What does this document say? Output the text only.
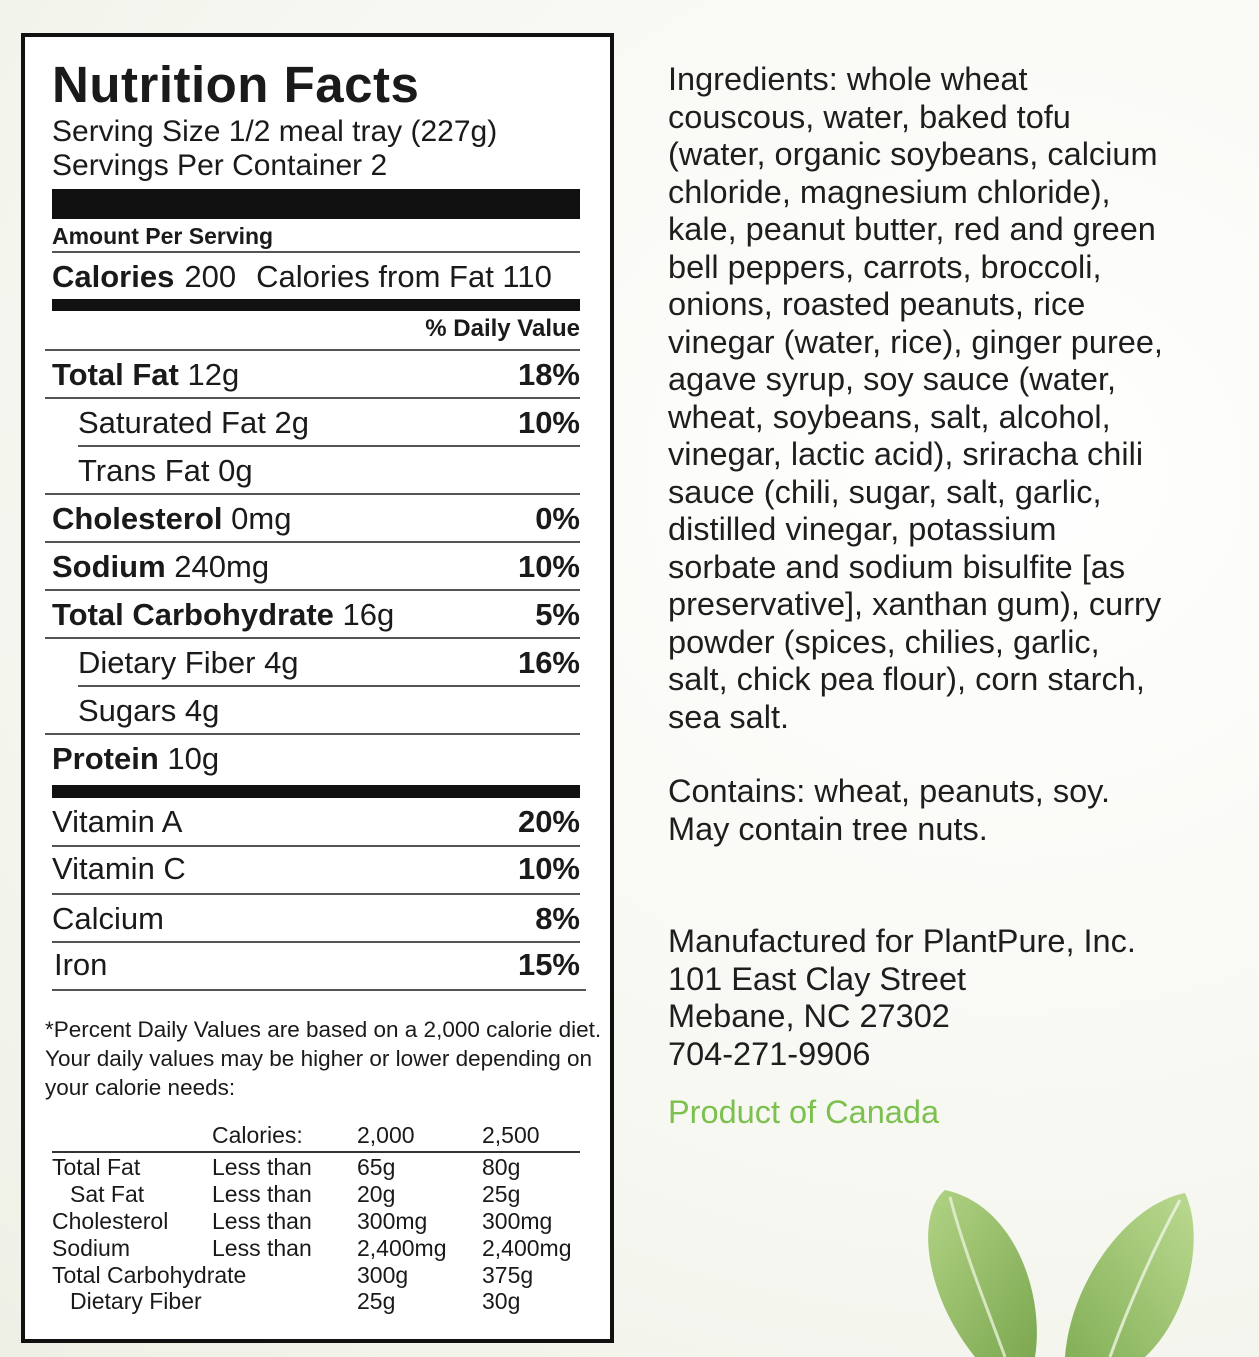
Nutrition Facts
Serving Size 1/2 meal tray (227g)
Servings Per Container 2
Amount Per Serving
Calories 200 Calories from Fat 110
% Daily Value
Total Fat 12g	18%
Saturated Fat 2g	10%
Trans Fat 0g
Cholesterol 0mg	0%
Sodium 240mg	10%
Total Carbohydrate 16g	5%
Dietary Fiber 4g	16%
Sugars 4g
Protein 10g
Vitamin A	20%
Vitamin C	10%
Calcium	8%
Iron	15%
*Percent Daily Values are based on a 2,000 calorie diet. Your daily values may be higher or lower depending on your calorie needs:
Calories: 2,000	2,500
Total Fat	Less than 65g	80g
Sat Fat	Less than 20g	25g
Cholesterol Less than 300mg 300mg
Sodium	Less than 2,400mg 2,400mg
Total Carbohydrate	300g	375g
Dietary Fiber	25g	30g
Ingredients: whole wheat
couscous, water, baked tofu
(water, organic soybeans, calcium
chloride, magnesium chloride),
kale, peanut butter, red and green
bell peppers, carrots, broccoli,
onions, roasted peanuts, rice
vinegar (water, rice), ginger puree,
agave syrup, soy sauce (water,
wheat, soybeans, salt, alcohol,
vinegar, lactic acid), sriracha chili
sauce (chili, sugar, salt, garlic,
distilled vinegar, potassium
sorbate and sodium bisulfite [as
preservative], xanthan gum), curry
powder (spices, chilies, garlic,
salt, chick pea flour), corn starch,
sea salt.
Contains: wheat, peanuts, soy.
May contain tree nuts.
Manufactured for PlantPure, Inc.
101 East Clay Street
Mebane, NC 27302
704-271-9906
Product of Canada
